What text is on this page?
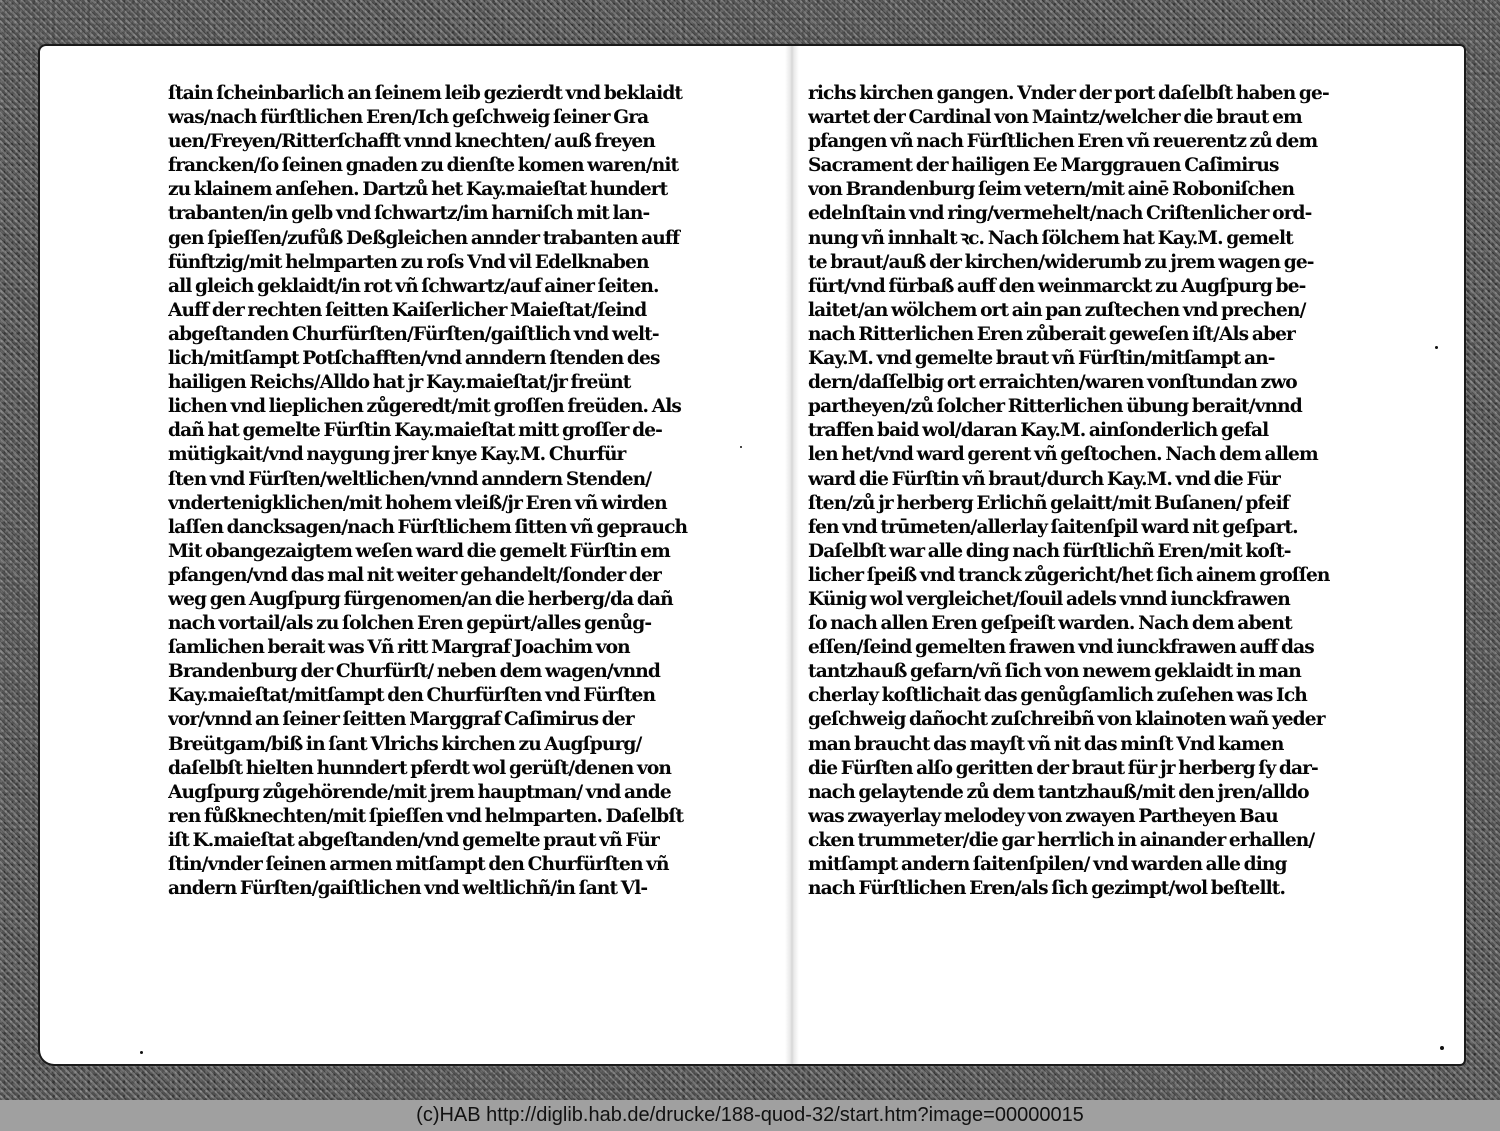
ſtain ſcheinbarlich an ſeinem leib gezierdt vnd beklaidt
was/nach fürſtlichen Eren/Ich geſchweig ſeiner Gra
uen/Freyen/Ritterſchafft vnnd knechten/ auß freyen
francken/ſo ſeinen gnaden zu dienſte komen waren/nit
zu klainem anſehen. Dartzů het Kay.maieſtat hundert
trabanten/in gelb vnd ſchwartz/im harniſch mit lan-
gen ſpieſſen/zufůß Deßgleichen annder trabanten auff
fünftzig/mit helmparten zu roſs Vnd vil Edelknaben
all gleich geklaidt/in rot vñ ſchwartz/auf ainer ſeiten.
Auff der rechten ſeitten Kaiſerlicher Maieſtat/ſeind
abgeſtanden Churfürſten/Fürſten/gaiſtlich vnd welt-
lich/mitſampt Potſchafften/vnd anndern ſtenden des
hailigen Reichs/Alldo hat jr Kay.maieſtat/jr freünt
lichen vnd lieplichen zůgeredt/mit groſſen freüden. Als
dañ hat gemelte Fürſtin Kay.maieſtat mitt groſſer de-
mütigkait/vnd naygung jrer knye Kay.M. Churfür
ſten vnd Fürſten/weltlichen/vnnd anndern Stenden/
vndertenigklichen/mit hohem vleiß/jr Eren vñ wirden
laſſen dancksagen/nach Fürſtlichem ſitten vñ geprauch
Mit obangezaigtem weſen ward die gemelt Fürſtin em
pfangen/vnd das mal nit weiter gehandelt/ſonder der
weg gen Augſpurg fürgenomen/an die herberg/da dañ
nach vortail/als zu ſolchen Eren gepürt/alles genůg-
ſamlichen berait was Vñ ritt Margraf Joachim von
Brandenburg der Churfürſt/ neben dem wagen/vnnd
Kay.maieſtat/mitſampt den Churfürſten vnd Fürſten
vor/vnnd an ſeiner ſeitten Marggraf Caſimirus der
Breütgam/biß in ſant Vlrichs kirchen zu Augſpurg/
daſelbſt hielten hunndert pferdt wol gerüſt/denen von
Augſpurg zůgehörende/mit jrem hauptman/ vnd ande
ren fůßknechten/mit ſpieſſen vnd helmparten. Daſelbſt
iſt K.maieſtat abgeſtanden/vnd gemelte praut vñ Für
ſtin/vnder ſeinen armen mitſampt den Churfürſten vñ
andern Fürſten/gaiſtlichen vnd weltlichñ/in ſant Vl-
richs kirchen gangen. Vnder der port daſelbſt haben ge-
wartet der Cardinal von Maintz/welcher die braut em
pfangen vñ nach Fürſtlichen Eren vñ reuerentz zů dem
Sacrament der hailigen Ee Marggrauen Caſimirus
von Brandenburg ſeim vetern/mit ainē Roboniſchen
edelnſtain vnd ring/vermehelt/nach Criſtenlicher ord-
nung vñ innhalt ꝛc. Nach ſölchem hat Kay.M. gemelt
te braut/auß der kirchen/widerumb zu jrem wagen ge-
fürt/vnd fürbaß auff den weinmarckt zu Augſpurg be-
laitet/an wölchem ort ain pan zuſtechen vnd prechen/
nach Ritterlichen Eren zůberait geweſen iſt/Als aber
Kay.M. vnd gemelte braut vñ Fürſtin/mitſampt an-
dern/daſſelbig ort erraichten/waren vonſtundan zwo
partheyen/zů ſolcher Ritterlichen übung berait/vnnd
traffen baid wol/daran Kay.M. ainſonderlich gefal
len het/vnd ward gerent vñ geſtochen. Nach dem allem
ward die Fürſtin vñ braut/durch Kay.M. vnd die Für
ſten/zů jr herberg Erlichñ gelaitt/mit Buſanen/ pfeif
fen vnd trūmeten/allerlay ſaitenſpil ward nit geſpart.
Daſelbſt war alle ding nach fürſtlichñ Eren/mit koſt-
licher ſpeiß vnd tranck zůgericht/het ſich ainem groſſen
Künig wol vergleichet/ſouil adels vnnd iunckfrawen
ſo nach allen Eren geſpeiſt warden. Nach dem abent
eſſen/ſeind gemelten frawen vnd iunckfrawen auff das
tantzhauß gefarn/vñ ſich von newem geklaidt in man
cherlay koſtlichait das genůgſamlich zuſehen was Ich
geſchweig dañocht zuſchreibñ von klainoten wañ yeder
man braucht das mayſt vñ nit das minſt Vnd kamen
die Fürſten alſo geritten der braut für jr herberg ſy dar-
nach gelaytende zů dem tantzhauß/mit den jren/alldo
was zwayerlay melodey von zwayen Partheyen Bau
cken trummeter/die gar herrlich in ainander erhallen/
mitſampt andern ſaitenſpilen/ vnd warden alle ding
nach Fürſtlichen Eren/als ſich gezimpt/wol beſtellt.
(c)HAB http://diglib.hab.de/drucke/188-quod-32/start.htm?image=00000015
